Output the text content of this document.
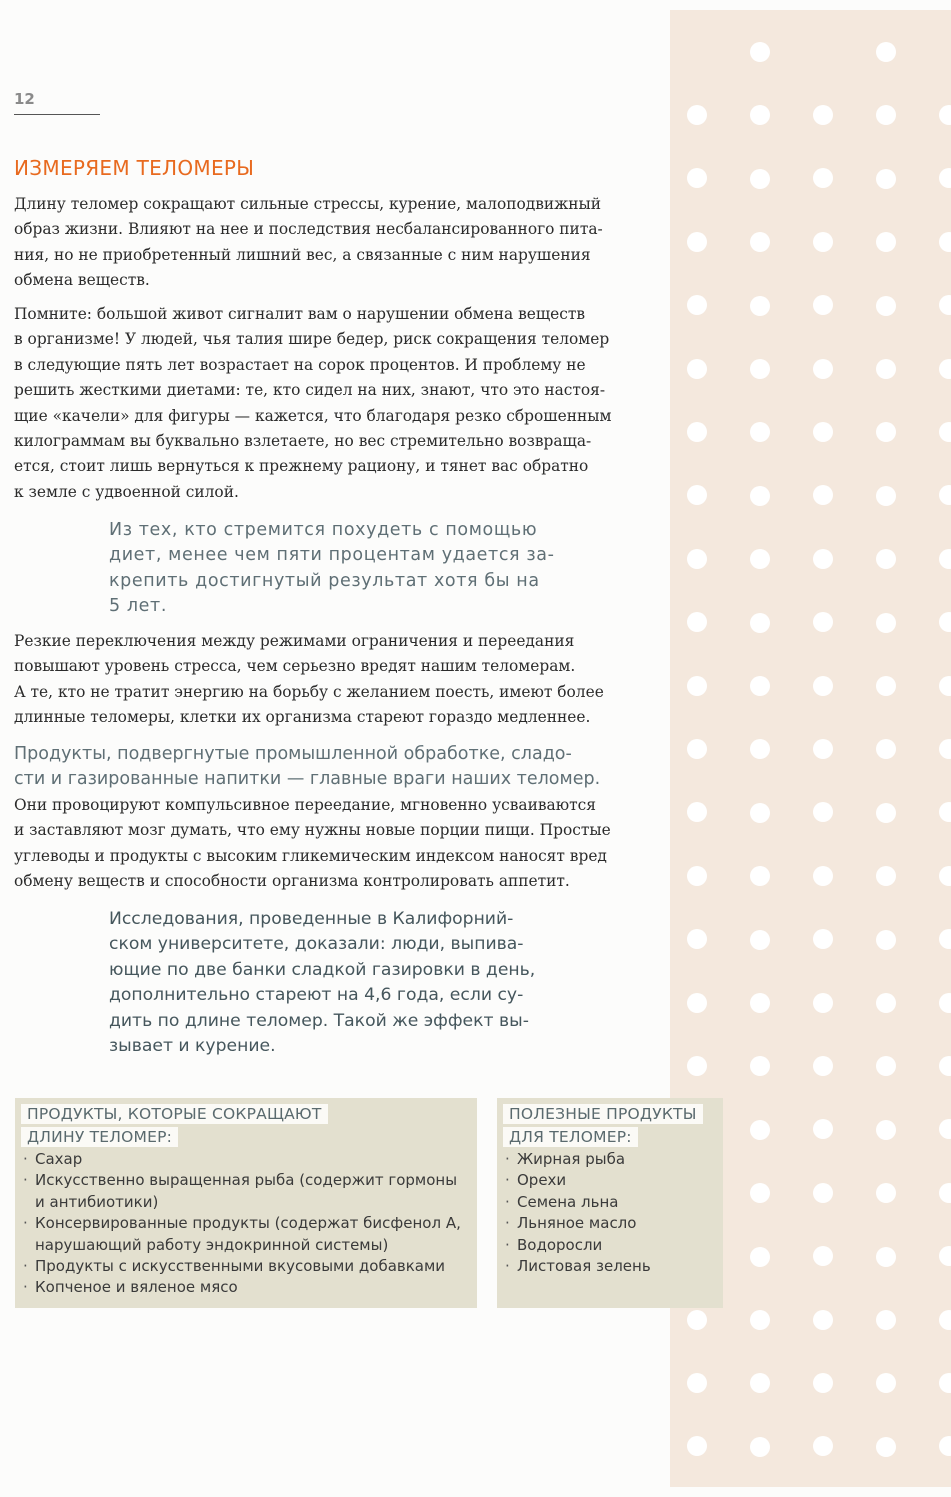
12
ИЗМЕРЯЕМ ТЕЛОМЕРЫ

Длину теломер сокращают сильные стрессы, курение, малоподвижный
образ жизни. Влияют на нее и последствия несбалансированного пита-
ния, но не приобретенный лишний вес, а связанные с ним нарушения
обмена веществ.

Помните: большой живот сигналит вам о нарушении обмена веществ
в организме! У людей, чья талия шире бедер, риск сокращения теломер
в следующие пять лет возрастает на сорок процентов. И проблему не
решить жесткими диетами: те, кто сидел на них, знают, что это настоя-
щие «качели» для фигуры — кажется, что благодаря резко сброшенным
килограммам вы буквально взлетаете, но вес стремительно возвраща-
ется, стоит лишь вернуться к прежнему рациону, и тянет вас обратно
к земле с удвоенной силой.

Из тех, кто стремится похудеть с помощью
диет, менее чем пяти процентам удается за-
крепить достигнутый результат хотя бы на
5 лет.

Резкие переключения между режимами ограничения и переедания
повышают уровень стресса, чем серьезно вредят нашим теломерам.
А те, кто не тратит энергию на борьбу с желанием поесть, имеют более
длинные теломеры, клетки их организма стареют гораздо медленнее.

Продукты, подвергнутые промышленной обработке, сладо-
сти и газированные напитки — главные враги наших теломер.
Они провоцируют компульсивное переедание, мгновенно усваиваются
и заставляют мозг думать, что ему нужны новые порции пищи. Простые
углеводы и продукты с высоким гликемическим индексом наносят вред
обмену веществ и способности организма контролировать аппетит.

Исследования, проведенные в Калифорний-
ском университете, доказали: люди, выпива-
ющие по две банки сладкой газировки в день,
дополнительно стареют на 4,6 года, если су-
дить по длине теломер. Такой же эффект вы-
зывает и курение.

ПРОДУКТЫ, КОТОРЫЕ СОКРАЩАЮТ
ДЛИНУ ТЕЛОМЕР:
· Сахар
· Искусственно выращенная рыба (содержит гормоны
и антибиотики)
· Консервированные продукты (содержат бисфенол А,
нарушающий работу эндокринной системы)
· Продукты с искусственными вкусовыми добавками
· Копченое и вяленое мясо
ПОЛЕЗНЫЕ ПРОДУКТЫ
ДЛЯ ТЕЛОМЕР:
· Жирная рыба
· Орехи
· Семена льна
· Льняное масло
· Водоросли
· Листовая зелень
